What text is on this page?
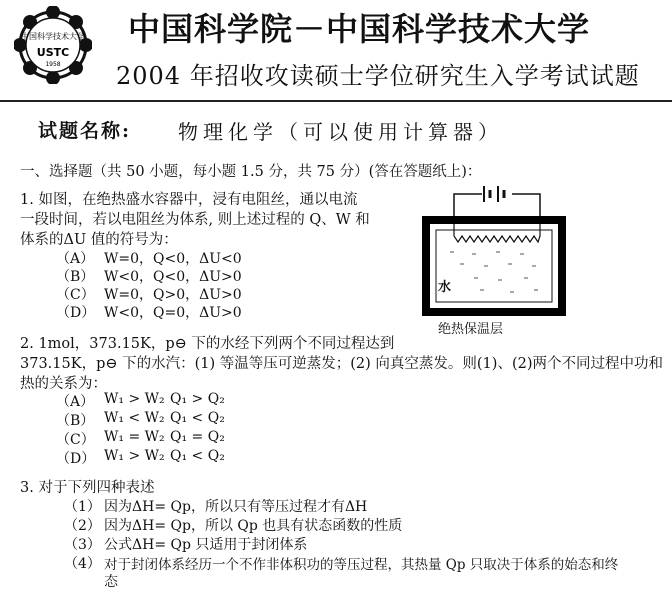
中国科学技术大学
USTC
1958
中国科学院－中国科学技术大学
2004 年招收攻读硕士学位研究生入学考试试题
试题名称: 物理化学（可以使用计算器）
一、选择题（共 50 小题，每小题 1.5 分，共 75 分）(答在答题纸上)：
1. 如图，在绝热盛水容器中，浸有电阻丝，通以电流
一段时间，若以电阻丝为体系, 则上述过程的 Q、W 和
体系的ΔU 值的符号为：
（A） W=0，Q<0，ΔU<0
（B） W<0，Q<0，ΔU>0
（C） W=0，Q>0，ΔU>0
（D） W<0，Q=0，ΔU>0
水
绝热保温层
2. 1mol，373.15K，p⊖ 下的水经下列两个不同过程达到
373.15K，p⊖ 下的水汽：(1) 等温等压可逆蒸发；(2) 向真空蒸发。则(1)、(2)两个不同过程中功和
热的关系为：
（A） W₁ > W₂ Q₁ > Q₂
（B） W₁ < W₂ Q₁ < Q₂
（C） W₁ = W₂ Q₁ = Q₂
（D） W₁ > W₂ Q₁ < Q₂
3. 对于下列四种表述
（1） 因为ΔH= Qp，所以只有等压过程才有ΔH
（2） 因为ΔH= Qp，所以 Qp 也具有状态函数的性质
（3） 公式ΔH= Qp 只适用于封闭体系
（4） 对于封闭体系经历一个不作非体积功的等压过程，其热量 Qp 只取决于体系的始态和终
态
